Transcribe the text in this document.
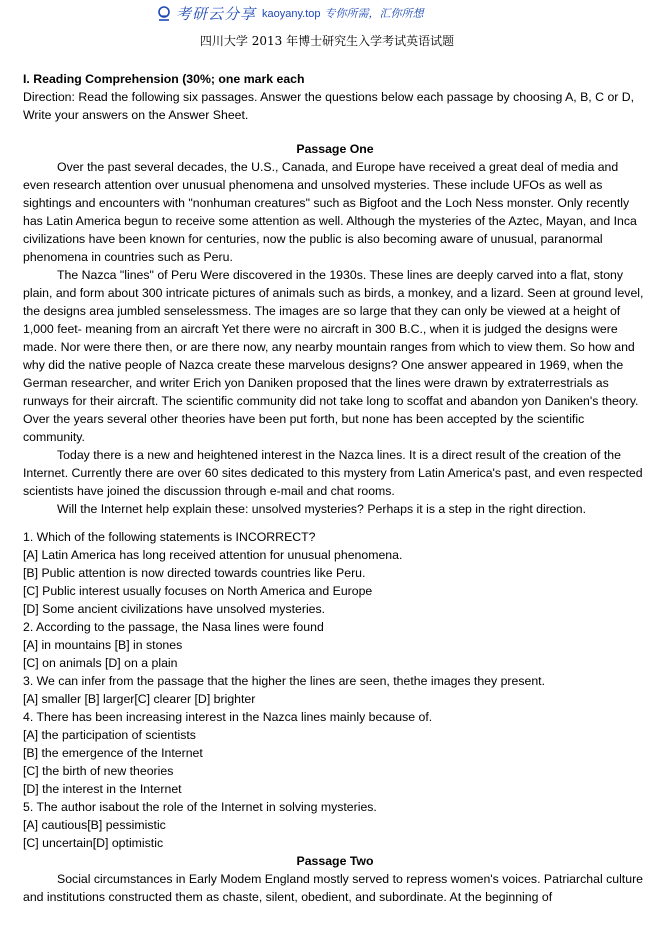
考研云分享 kaoyany.top 专你所需，汇你所想
四川大学 2013 年博士研究生入学考试英语试题

I. Reading Comprehension (30%; one mark each

Direction: Read the following six passages. Answer the questions below each passage by choosing A, B, C or D, Write your answers on the Answer Sheet.

Passage One

Over the past several decades, the U.S., Canada, and Europe have received a great deal of media and even research attention over unusual phenomena and unsolved mysteries. These include UFOs as well as sightings and encounters with "nonhuman creatures" such as Bigfoot and the Loch Ness monster. Only recently has Latin America begun to receive some attention as well. Although the mysteries of the Aztec, Mayan, and Inca civilizations have been known for centuries, now the public is also becoming aware of unusual, paranormal phenomena in countries such as Peru.

The Nazca "lines" of Peru Were discovered in the 1930s. These lines are deeply carved into a flat, stony plain, and form about 300 intricate pictures of animals such as birds, a monkey, and a lizard. Seen at ground level, the designs area jumbled senselessmess. The images are so large that they can only be viewed at a height of 1,000 feet- meaning from an aircraft Yet there were no aircraft in 300 B.C., when it is judged the designs were made. Nor were there then, or are there now, any nearby mountain ranges from which to view them. So how and why did the native people of Nazca create these marvelous designs? One answer appeared in 1969, when the German researcher, and writer Erich yon Daniken proposed that the lines were drawn by extraterrestrials as runways for their aircraft. The scientific community did not take long to scoffat and abandon yon Daniken's theory. Over the years several other theories have been put forth, but none has been accepted by the scientific community.

Today there is a new and heightened interest in the Nazca lines. It is a direct result of the creation of the Internet. Currently there are over 60 sites dedicated to this mystery from Latin America's past, and even respected scientists have joined the discussion through e-mail and chat rooms.

Will the Internet help explain these: unsolved mysteries? Perhaps it is a step in the right direction.

1. Which of the following statements is INCORRECT?

[A] Latin America has long received attention for unusual phenomena.

[B] Public attention is now directed towards countries like Peru.

[C] Public interest usually focuses on North America and Europe

[D] Some ancient civilizations have unsolved mysteries.

2. According to the passage, the Nasa lines were found

[A] in mountains [B] in stones

[C] on animals [D] on a plain

3. We can infer from the passage that the higher the lines are seen, thethe images they present.

[A] smaller [B] larger[C] clearer [D] brighter

4. There has been increasing interest in the Nazca lines mainly because of.

[A] the participation of scientists

[B] the emergence of the Internet

[C] the birth of new theories

[D] the interest in the Internet

5. The author isabout the role of the Internet in solving mysteries.

[A] cautious[B] pessimistic

[C] uncertain[D] optimistic

Passage Two

Social circumstances in Early Modem England mostly served to repress women's voices. Patriarchal culture and institutions constructed them as chaste, silent, obedient, and subordinate. At the beginning of
